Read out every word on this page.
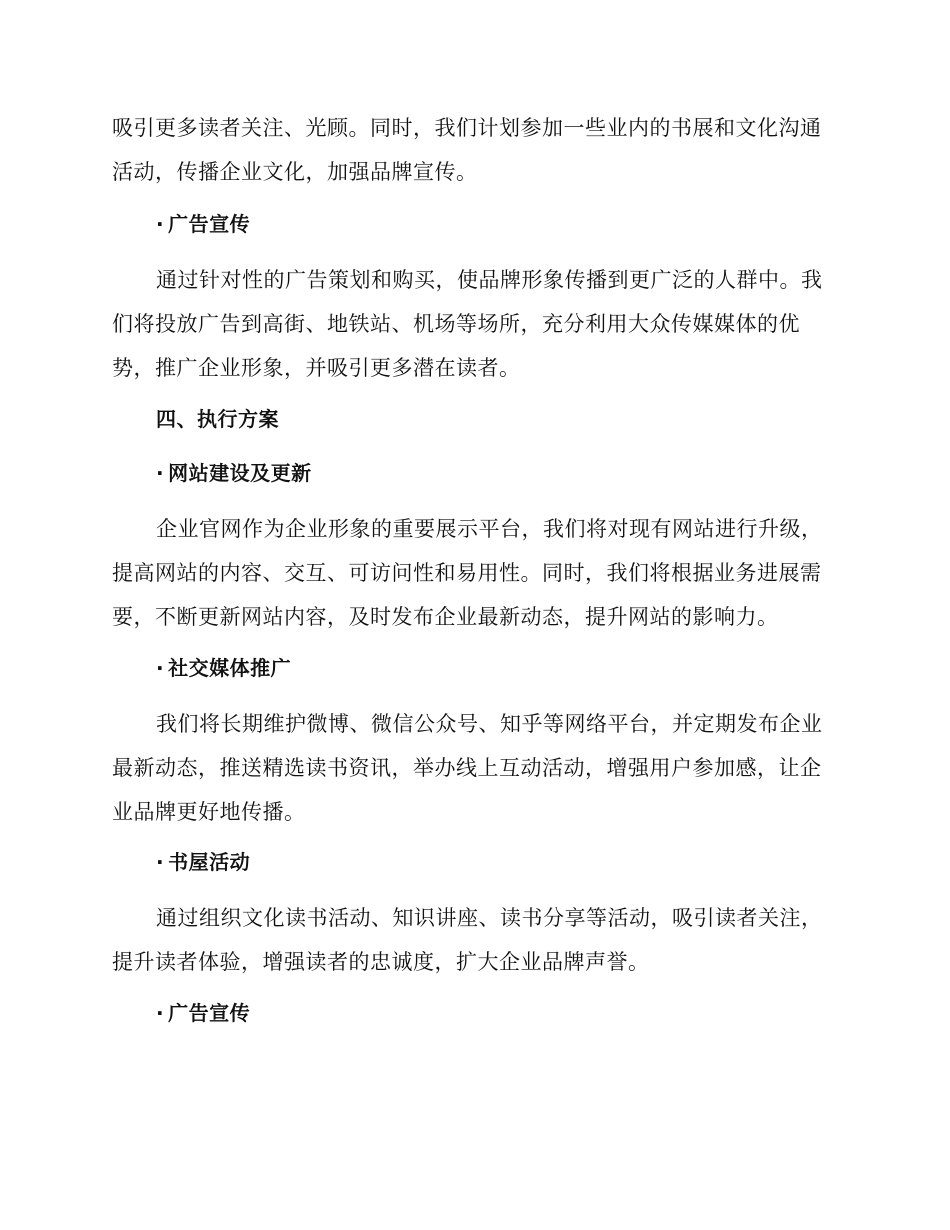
吸引更多读者关注、光顾。同时，我们计划参加一些业内的书展和文化沟通
活动，传播企业文化，加强品牌宣传。

· 广告宣传

通过针对性的广告策划和购买，使品牌形象传播到更广泛的人群中。我
们将投放广告到高街、地铁站、机场等场所，充分利用大众传媒媒体的优
势，推广企业形象，并吸引更多潜在读者。

四、执行方案
· 网站建设及更新

企业官网作为企业形象的重要展示平台，我们将对现有网站进行升级，
提高网站的内容、交互、可访问性和易用性。同时，我们将根据业务进展需
要，不断更新网站内容，及时发布企业最新动态，提升网站的影响力。

· 社交媒体推广

我们将长期维护微博、微信公众号、知乎等网络平台，并定期发布企业
最新动态，推送精选读书资讯，举办线上互动活动，增强用户参加感，让企
业品牌更好地传播。

· 书屋活动

通过组织文化读书活动、知识讲座、读书分享等活动，吸引读者关注，
提升读者体验，增强读者的忠诚度，扩大企业品牌声誉。

· 广告宣传
